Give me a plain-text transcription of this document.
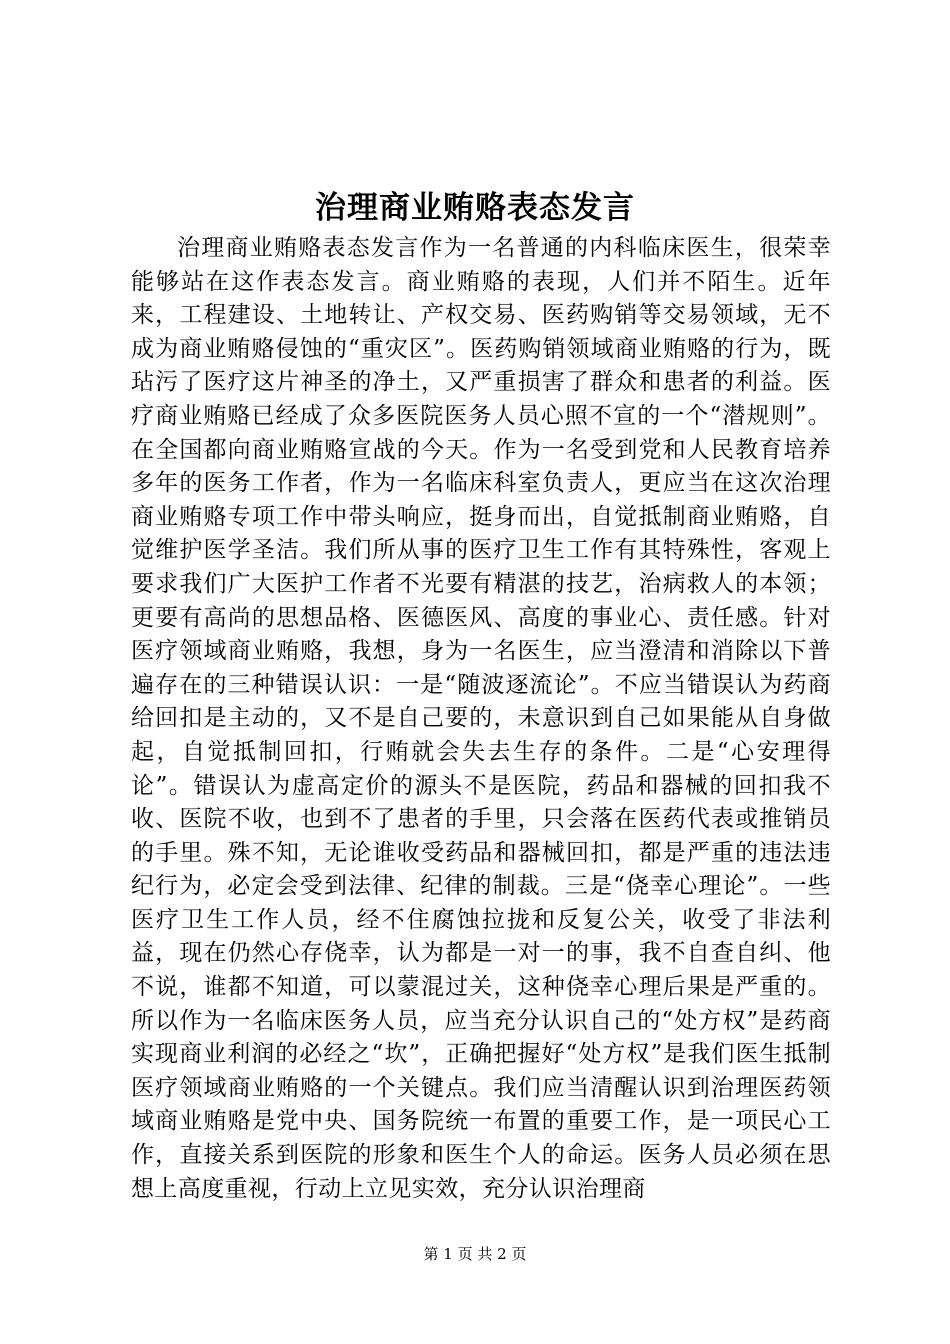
治理商业贿赂表态发言

治理商业贿赂表态发言作为一名普通的内科临床医生，很荣幸能够站在这作表态发言。商业贿赂的表现，人们并不陌生。近年来，工程建设、土地转让、产权交易、医药购销等交易领域，无不成为商业贿赂侵蚀的“重灾区”。医药购销领域商业贿赂的行为，既玷污了医疗这片神圣的净土，又严重损害了群众和患者的利益。医疗商业贿赂已经成了众多医院医务人员心照不宣的一个“潜规则”。在全国都向商业贿赂宣战的今天。作为一名受到党和人民教育培养多年的医务工作者，作为一名临床科室负责人，更应当在这次治理商业贿赂专项工作中带头响应，挺身而出，自觉抵制商业贿赂，自觉维护医学圣洁。我们所从事的医疗卫生工作有其特殊性，客观上要求我们广大医护工作者不光要有精湛的技艺，治病救人的本领；更要有高尚的思想品格、医德医风、高度的事业心、责任感。针对医疗领域商业贿赂，我想，身为一名医生，应当澄清和消除以下普遍存在的三种错误认识：一是“随波逐流论”。不应当错误认为药商给回扣是主动的，又不是自己要的，未意识到自己如果能从自身做起，自觉抵制回扣，行贿就会失去生存的条件。二是“心安理得论”。错误认为虚高定价的源头不是医院，药品和器械的回扣我不收、医院不收，也到不了患者的手里，只会落在医药代表或推销员的手里。殊不知，无论谁收受药品和器械回扣，都是严重的违法违纪行为，必定会受到法律、纪律的制裁。三是“侥幸心理论”。一些医疗卫生工作人员，经不住腐蚀拉拢和反复公关，收受了非法利益，现在仍然心存侥幸，认为都是一对一的事，我不自查自纠、他不说，谁都不知道，可以蒙混过关，这种侥幸心理后果是严重的。所以作为一名临床医务人员，应当充分认识自己的“处方权”是药商实现商业利润的必经之“坎”，正确把握好“处方权”是我们医生抵制医疗领域商业贿赂的一个关键点。我们应当清醒认识到治理医药领域商业贿赂是党中央、国务院统一布置的重要工作，是一项民心工作，直接关系到医院的形象和医生个人的命运。医务人员必须在思想上高度重视，行动上立见实效，充分认识治理商

第 1 页 共 2 页
